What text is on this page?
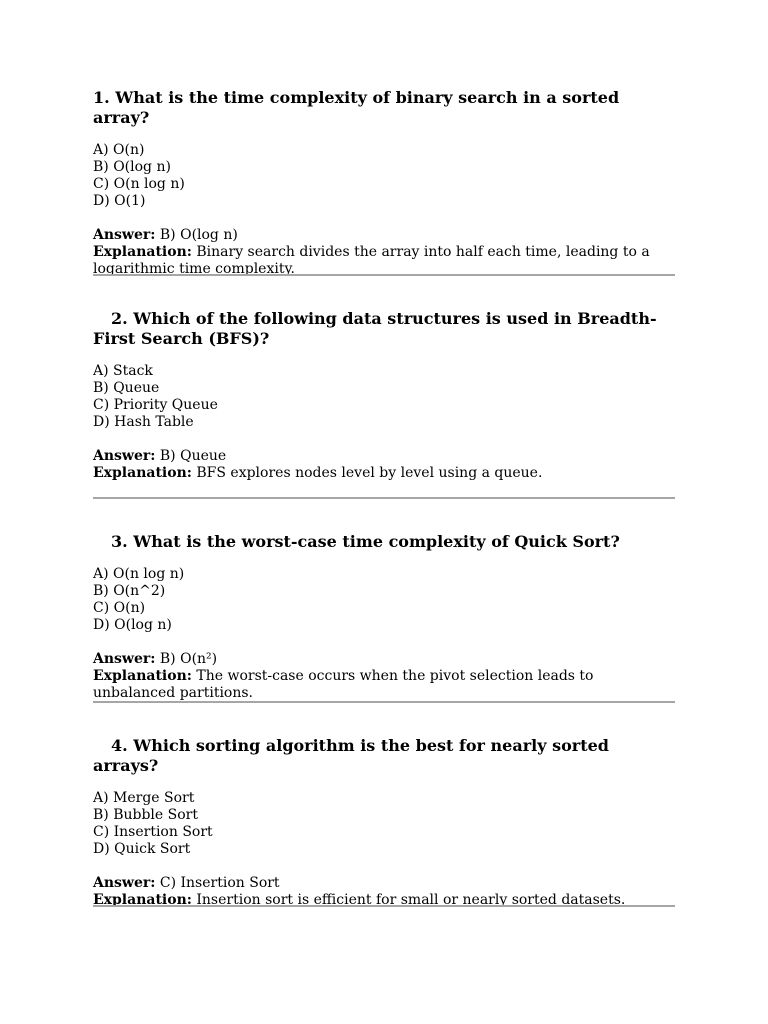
1. What is the time complexity of binary search in a sorted array?
A) O(n)
B) O(log n)
C) O(n log n)
D) O(1)
Answer: B) O(log n)
Explanation: Binary search divides the array into half each time, leading to a logarithmic time complexity.
2. Which of the following data structures is used in Breadth-First Search (BFS)?
A) Stack
B) Queue
C) Priority Queue
D) Hash Table
Answer: B) Queue
Explanation: BFS explores nodes level by level using a queue.
3. What is the worst-case time complexity of Quick Sort?
A) O(n log n)
B) O(n^2)
C) O(n)
D) O(log n)
Answer: B) O(n²)
Explanation: The worst-case occurs when the pivot selection leads to unbalanced partitions.
4. Which sorting algorithm is the best for nearly sorted arrays?
A) Merge Sort
B) Bubble Sort
C) Insertion Sort
D) Quick Sort
Answer: C) Insertion Sort
Explanation: Insertion sort is efficient for small or nearly sorted datasets.
